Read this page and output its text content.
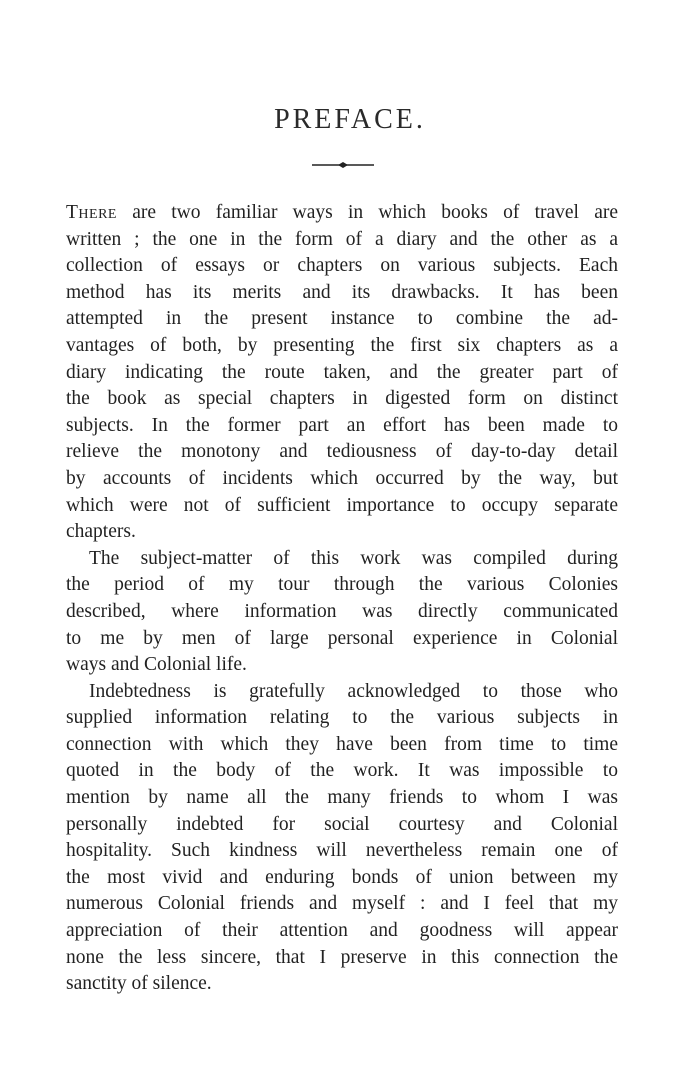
PREFACE.
There are two familiar ways in which books of travel are
written ; the one in the form of a diary and the other as a
collection of essays or chapters on various subjects. Each
method has its merits and its drawbacks. It has been
attempted in the present instance to combine the ad-
vantages of both, by presenting the first six chapters as a
diary indicating the route taken, and the greater part of
the book as special chapters in digested form on distinct
subjects. In the former part an effort has been made to
relieve the monotony and tediousness of day-to-day detail
by accounts of incidents which occurred by the way, but
which were not of sufficient importance to occupy separate
chapters.
The subject-matter of this work was compiled during
the period of my tour through the various Colonies
described, where information was directly communicated
to me by men of large personal experience in Colonial
ways and Colonial life.
Indebtedness is gratefully acknowledged to those who
supplied information relating to the various subjects in
connection with which they have been from time to time
quoted in the body of the work. It was impossible to
mention by name all the many friends to whom I was
personally indebted for social courtesy and Colonial
hospitality. Such kindness will nevertheless remain one of
the most vivid and enduring bonds of union between my
numerous Colonial friends and myself : and I feel that my
appreciation of their attention and goodness will appear
none the less sincere, that I preserve in this connection the
sanctity of silence.
